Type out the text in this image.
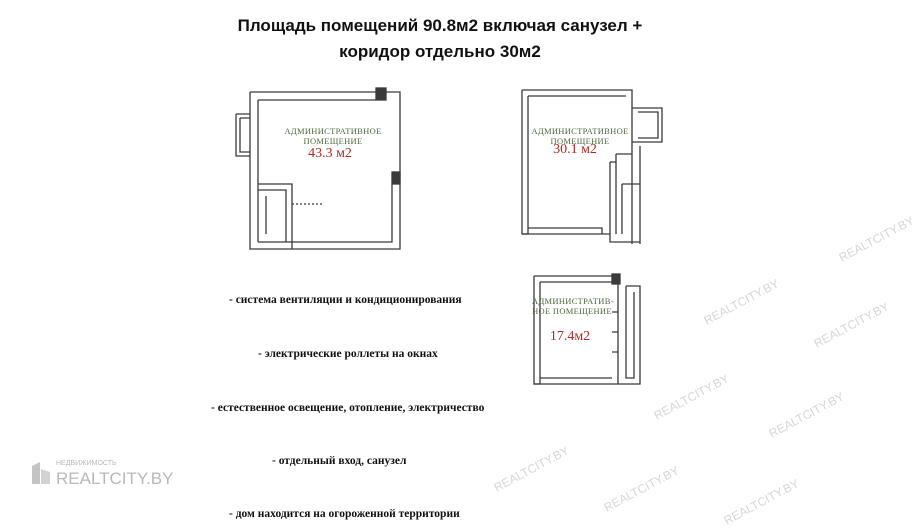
Площадь помещений 90.8м2 включая санузел +
коридор отдельно 30м2
АДМИНИСТРАТИВНОЕ ПОМЕЩЕНИЕ
43.3 м2
АДМИНИСТРАТИВНОЕ ПОМЕЩЕНИЕ
30.1 м2
АДМИНИСТРАТИВ-НОЕ ПОМЕЩЕНИЕ
17.4м2
- система вентиляции и кондиционирования
- электрические роллеты на окнах
- естественное освещение, отопление, электричество
- отдельный вход, санузел
- дом находится на огороженной территории
REALTCITY.BY	REALTCITY.BY
REALTCITY.BY	REALTCITY.BY
REALTCITY.BY	REALTCITY.BY	REALTCITY.BY
REALTCITY.BY
НЕДВИЖИМОСТЬ
REALTCITY.BY
